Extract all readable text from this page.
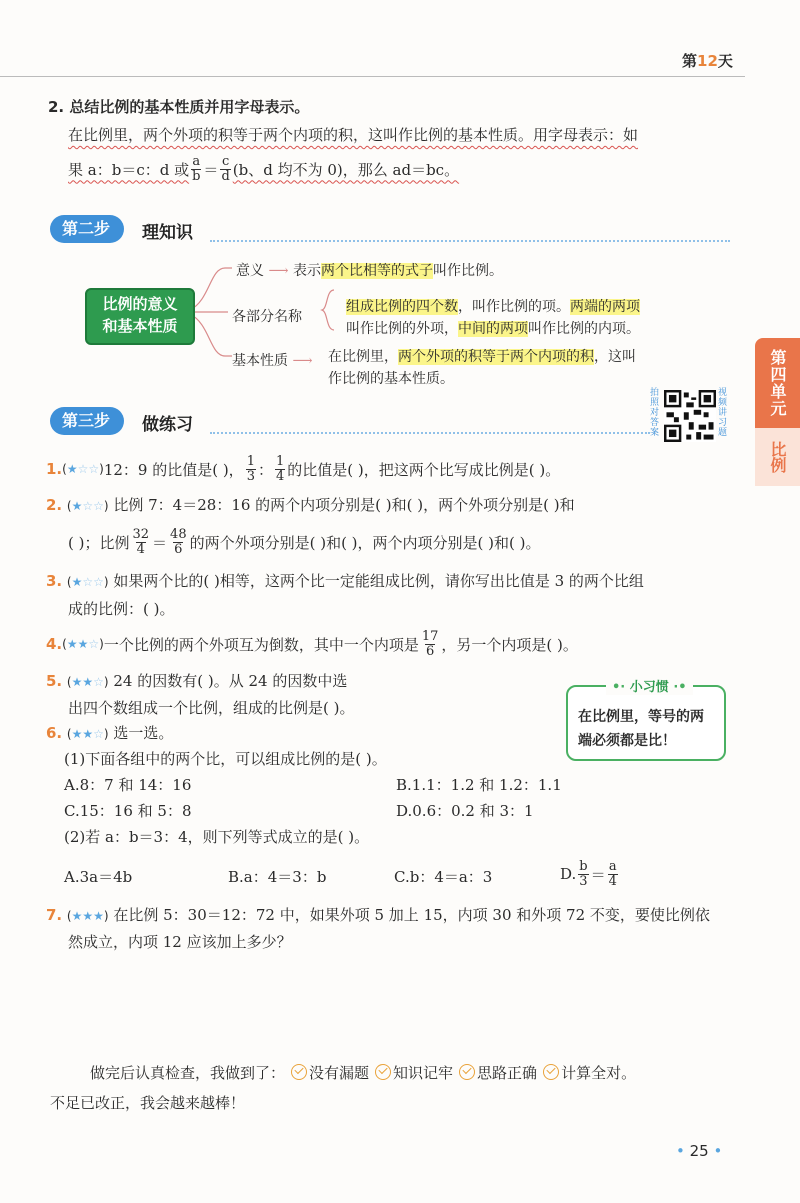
第12天
2. 总结比例的基本性质并用字母表示。
在比例里，两个外项的积等于两个内项的积，这叫作比例的基本性质。用字母表示：如
果 a：b＝c：d 或 $\frac{a}{b} = \frac{c}{d} (b$、d 均不为 0)，那么 ad＝bc。
第二步	理知识
比例的意义
和基本性质
意义 ⟶ 表示两个比相等的式子叫作比例。
各部分名称
组成比例的四个数，叫作比例的项。两端的两项
叫作比例的外项，中间的两项叫作比例的内项。
基本性质 ⟶ 在比例里，两个外项的积等于两个内项的积，这叫
作比例的基本性质。
第三步	做练习
拍照对答案
视频讲习题
1. (★☆☆) 12：9 的比值是( )， $\frac{1}{3}$ ： $\frac{1}{4}$ 的比值是( )，把这两个比写成比例是( )。
2. (★☆☆) 比例 7：4＝28：16 的两个内项分别是( )和( )，两个外项分别是( )和
( )；比例 $\frac{32}{4} = \frac{48}{6}$ 的两个外项分别是( )和( )，两个内项分别是( )和( )。
3. (★☆☆) 如果两个比的( )相等，这两个比一定能组成比例，请你写出比值是 3 的两个比组
成的比例：( )。
4. (★★☆) 一个比例的两个外项互为倒数，其中一个内项是 $\frac{17}{6}$ ，另一个内项是( )。
5. (★★☆) 24 的因数有( )。从 24 的因数中选
出四个数组成一个比例，组成的比例是( )。
•· 小习惯 ·•
在比例里，等号的两
端必须都是比！
6. (★★☆) 选一选。
(1)下面各组中的两个比，可以组成比例的是( )。
A.8：7 和 14：16	B.1.1：1.2 和 1.2：1.1
C.15：16 和 5：8	D.0.6：0.2 和 3：1
(2)若 a：b＝3：4，则下列等式成立的是( )。
A.3a＝4b	B.a：4＝3：b	C.b：4＝a：3	D. $\frac{b}{3} = \frac{a}{4}$
7. (★★★) 在比例 5：30＝12：72 中，如果外项 5 加上 15，内项 30 和外项 72 不变，要使比例依
然成立，内项 12 应该加上多少？
做完后认真检查，我做到了： 没有漏题 知识记牢 思路正确 计算全对。
不足已改正，我会越来越棒！
• 25 •
第四单元
比例
